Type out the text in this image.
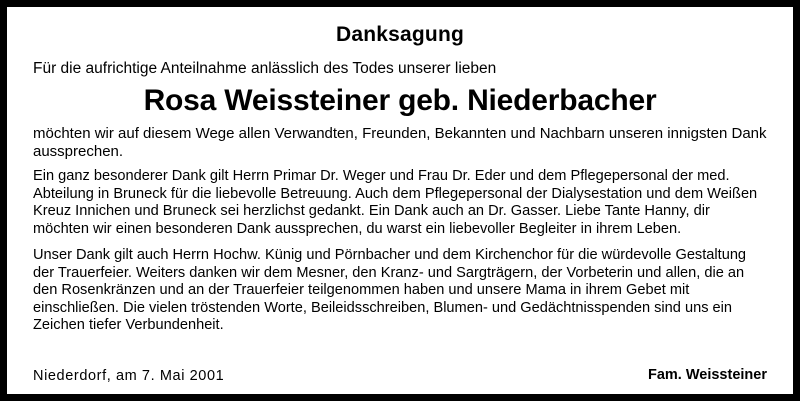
Danksagung
Für die aufrichtige Anteilnahme anlässlich des Todes unserer lieben
Rosa Weissteiner geb. Niederbacher
möchten wir auf diesem Wege allen Verwandten, Freunden, Bekannten und Nachbarn unseren innigsten Dank aussprechen.
Ein ganz besonderer Dank gilt Herrn Primar Dr. Weger und Frau Dr. Eder und dem Pflegepersonal der med. Abteilung in Bruneck für die liebevolle Betreuung. Auch dem Pflegepersonal der Dialysestation und dem Weißen Kreuz Innichen und Bruneck sei herzlichst gedankt. Ein Dank auch an Dr. Gasser. Liebe Tante Hanny, dir möchten wir einen besonderen Dank aussprechen, du warst ein liebevoller Begleiter in ihrem Leben.
Unser Dank gilt auch Herrn Hochw. Künig und Pörnbacher und dem Kirchenchor für die würdevolle Gestaltung der Trauerfeier. Weiters danken wir dem Mesner, den Kranz- und Sargträgern, der Vorbeterin und allen, die an den Rosenkränzen und an der Trauerfeier teilgenommen haben und unsere Mama in ihrem Gebet mit einschließen. Die vielen tröstenden Worte, Beileidsschreiben, Blumen- und Gedächtnisspenden sind uns ein Zeichen tiefer Verbundenheit.
Niederdorf, am 7. Mai 2001	Fam. Weissteiner
